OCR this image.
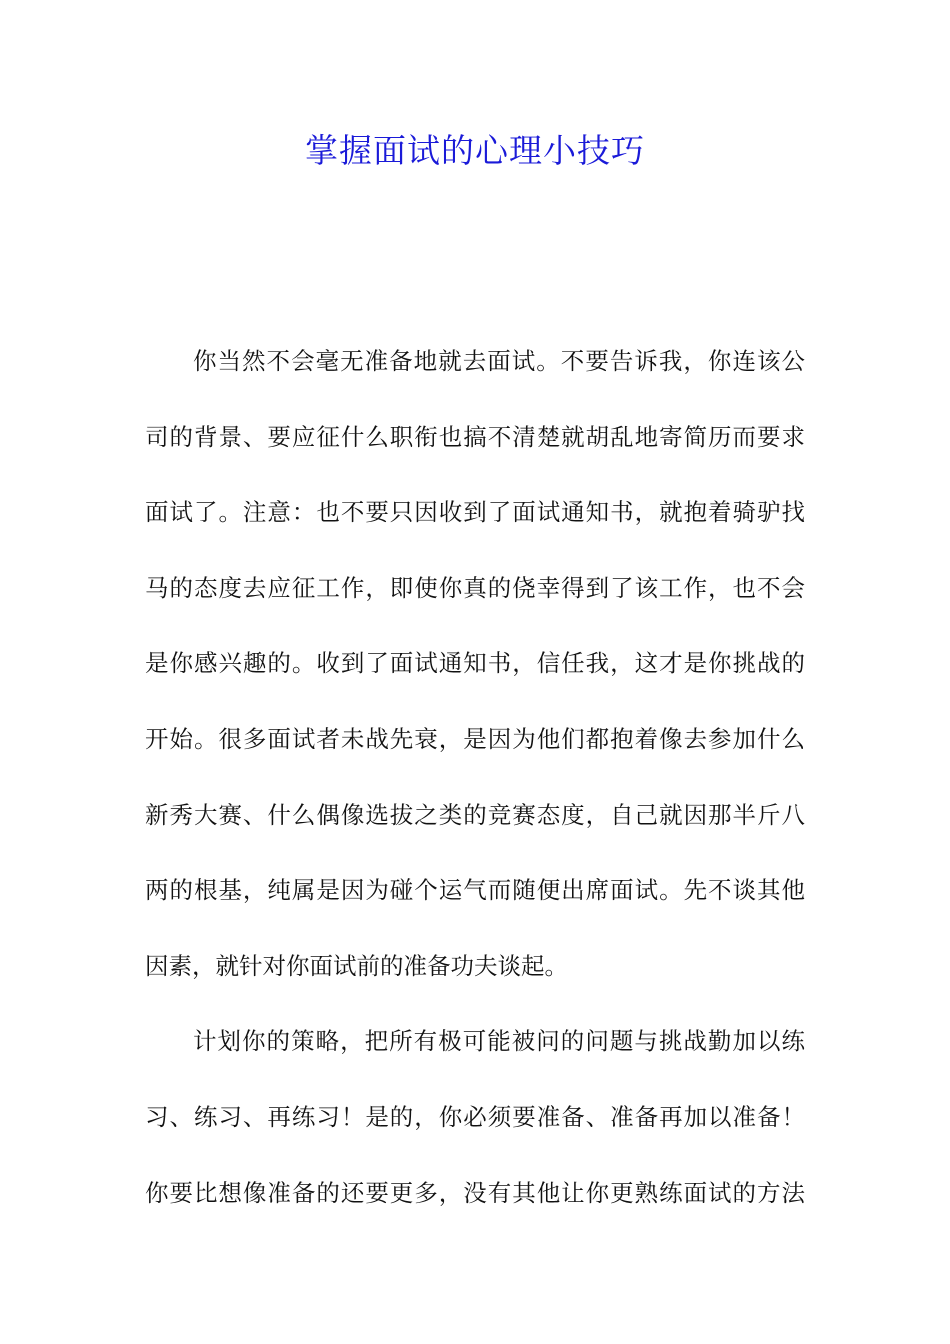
掌握面试的心理小技巧
你当然不会毫无准备地就去面试。不要告诉我，你连该公
司的背景、要应征什么职衔也搞不清楚就胡乱地寄简历而要求
面试了。注意：也不要只因收到了面试通知书，就抱着骑驴找
马的态度去应征工作，即使你真的侥幸得到了该工作，也不会
是你感兴趣的。收到了面试通知书，信任我，这才是你挑战的
开始。很多面试者未战先衰，是因为他们都抱着像去参加什么
新秀大赛、什么偶像选拔之类的竞赛态度，自己就因那半斤八
两的根基，纯属是因为碰个运气而随便出席面试。先不谈其他
因素，就针对你面试前的准备功夫谈起。
计划你的策略，把所有极可能被问的问题与挑战勤加以练
习、练习、再练习！是的，你必须要准备、准备再加以准备！
你要比想像准备的还要更多，没有其他让你更熟练面试的方法
